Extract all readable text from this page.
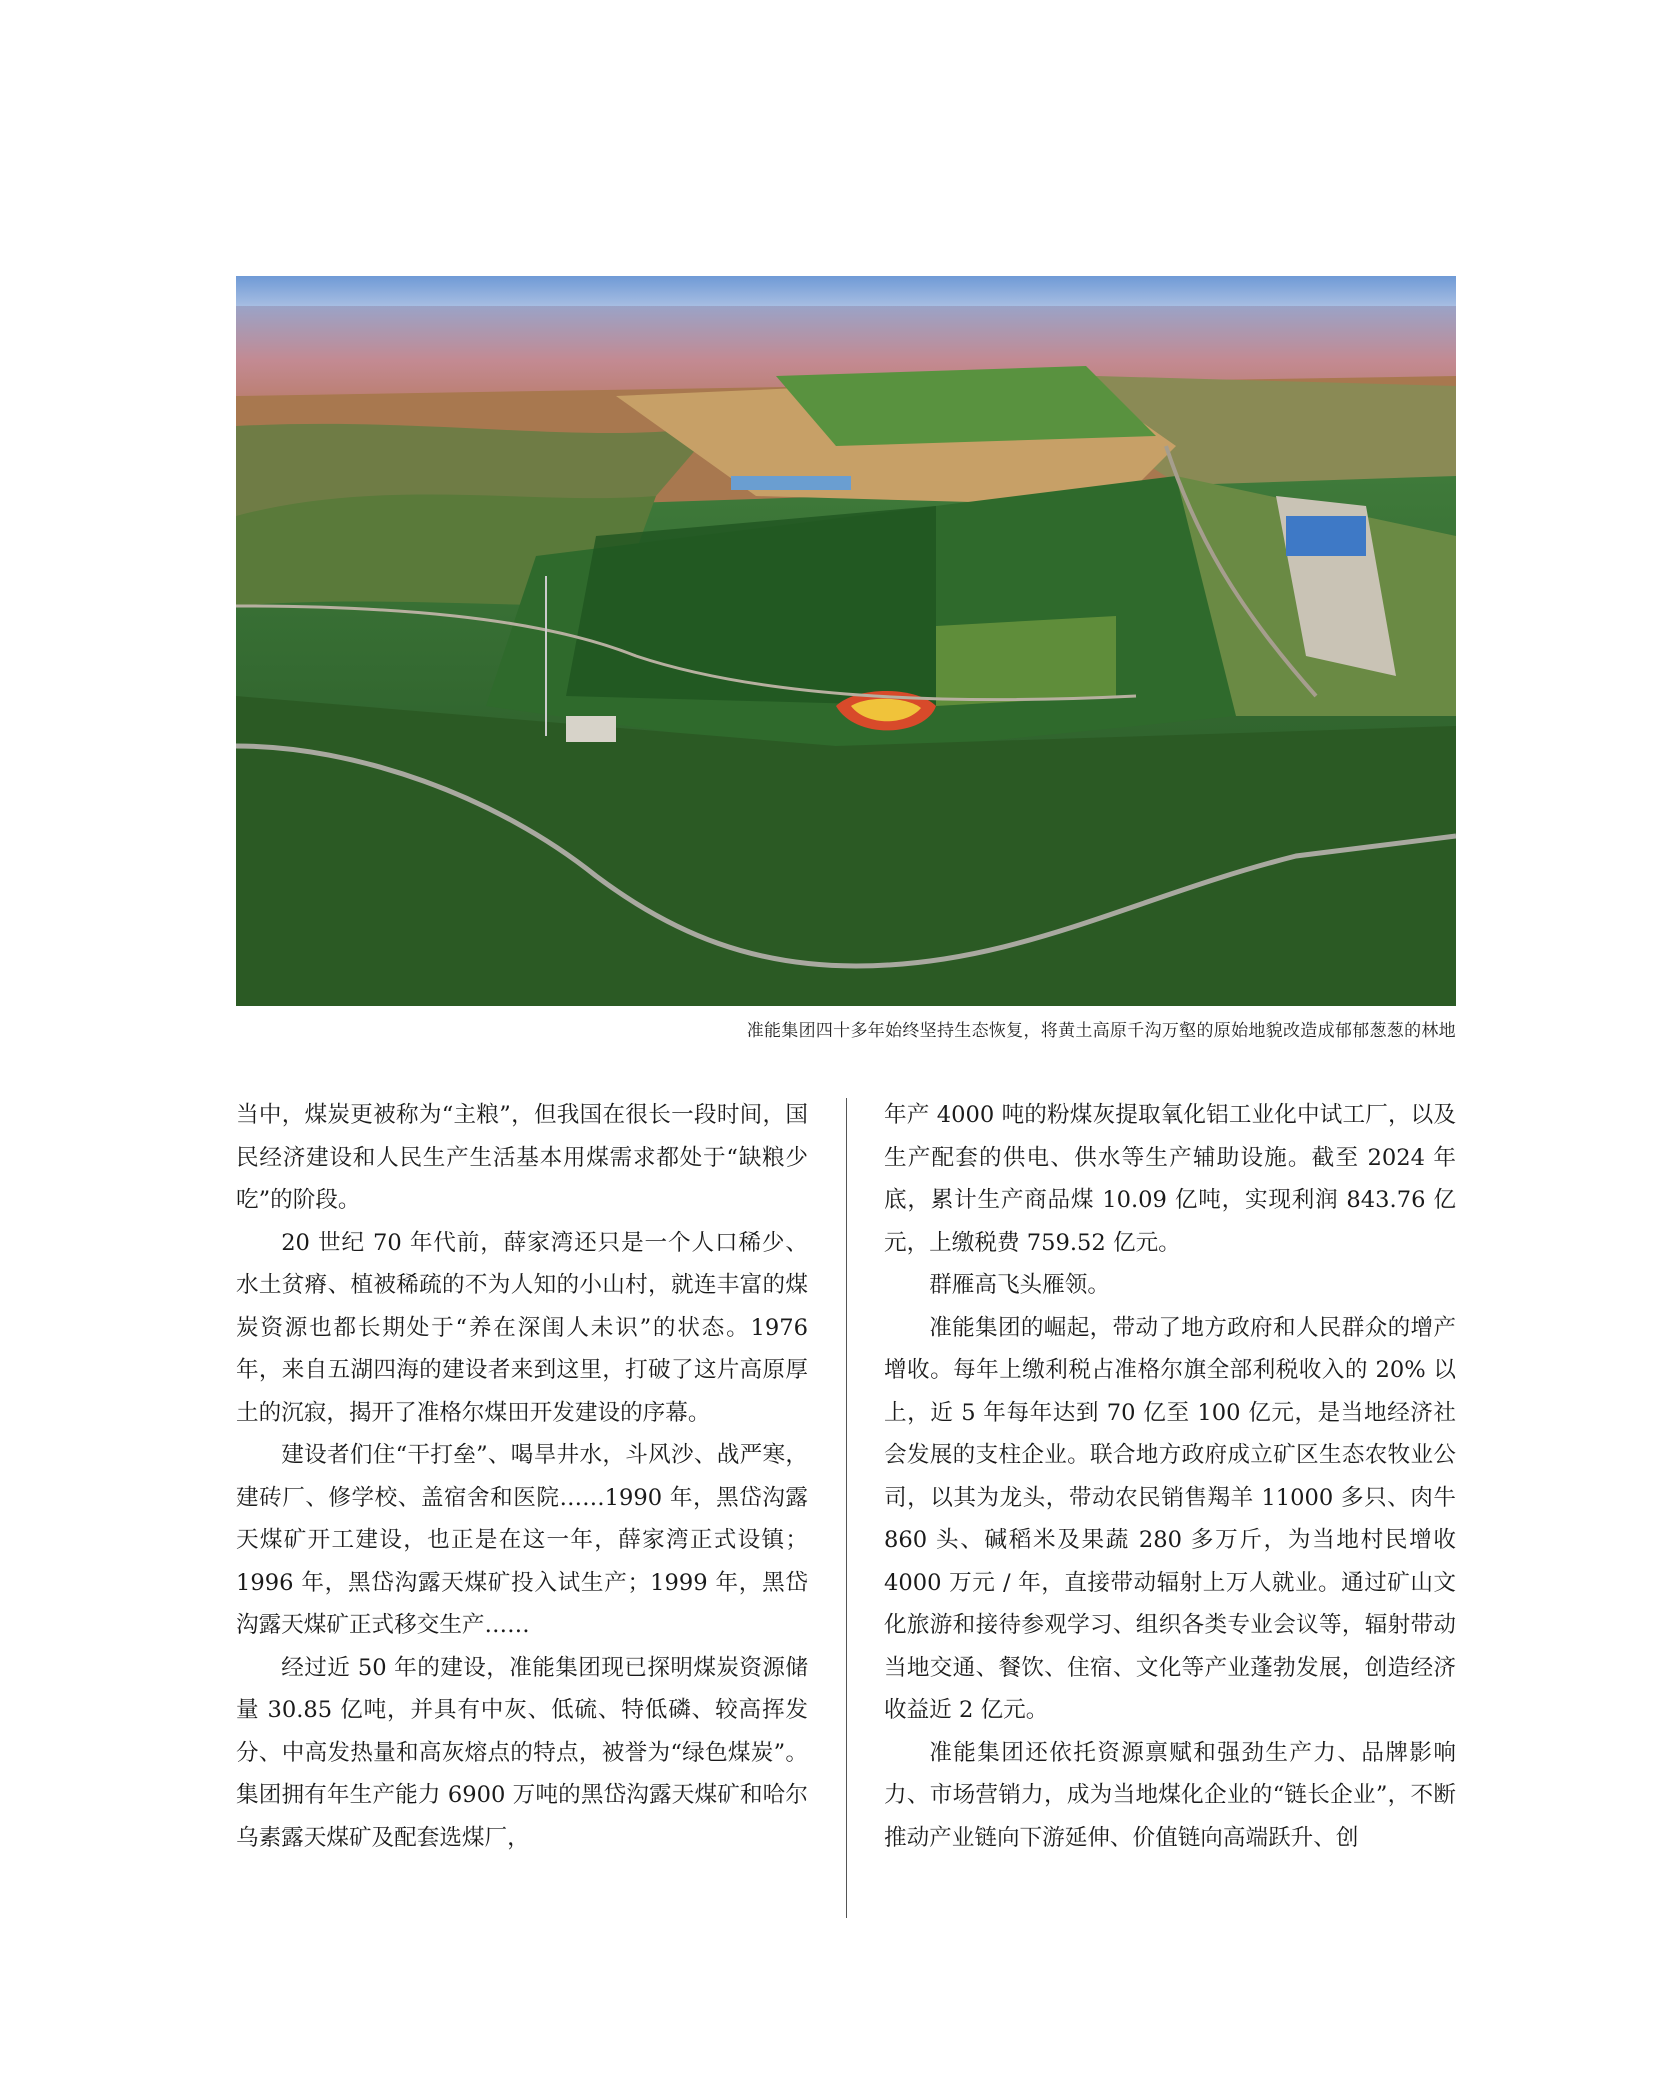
准能集团四十多年始终坚持生态恢复，将黄土高原千沟万壑的原始地貌改造成郁郁葱葱的林地

当中，煤炭更被称为“主粮”，但我国在很长一段时间，国民经济建设和人民生产生活基本用煤需求都处于“缺粮少吃”的阶段。

20 世纪 70 年代前，薛家湾还只是一个人口稀少、水土贫瘠、植被稀疏的不为人知的小山村，就连丰富的煤炭资源也都长期处于“养在深闺人未识”的状态。1976 年，来自五湖四海的建设者来到这里，打破了这片高原厚土的沉寂，揭开了准格尔煤田开发建设的序幕。

建设者们住“干打垒”、喝旱井水，斗风沙、战严寒，建砖厂、修学校、盖宿舍和医院……1990 年，黑岱沟露天煤矿开工建设，也正是在这一年，薛家湾正式设镇；1996 年，黑岱沟露天煤矿投入试生产；1999 年，黑岱沟露天煤矿正式移交生产……

经过近 50 年的建设，准能集团现已探明煤炭资源储量 30.85 亿吨，并具有中灰、低硫、特低磷、较高挥发分、中高发热量和高灰熔点的特点，被誉为“绿色煤炭”。集团拥有年生产能力 6900 万吨的黑岱沟露天煤矿和哈尔乌素露天煤矿及配套选煤厂，

年产 4000 吨的粉煤灰提取氧化铝工业化中试工厂，以及生产配套的供电、供水等生产辅助设施。截至 2024 年底，累计生产商品煤 10.09 亿吨，实现利润 843.76 亿元，上缴税费 759.52 亿元。

群雁高飞头雁领。

准能集团的崛起，带动了地方政府和人民群众的增产增收。每年上缴利税占准格尔旗全部利税收入的 20% 以上，近 5 年每年达到 70 亿至 100 亿元，是当地经济社会发展的支柱企业。联合地方政府成立矿区生态农牧业公司，以其为龙头，带动农民销售羯羊 11000 多只、肉牛 860 头、碱稻米及果蔬 280 多万斤，为当地村民增收 4000 万元 / 年，直接带动辐射上万人就业。通过矿山文化旅游和接待参观学习、组织各类专业会议等，辐射带动当地交通、餐饮、住宿、文化等产业蓬勃发展，创造经济收益近 2 亿元。

准能集团还依托资源禀赋和强劲生产力、品牌影响力、市场营销力，成为当地煤化企业的“链长企业”，不断推动产业链向下游延伸、价值链向高端跃升、创
